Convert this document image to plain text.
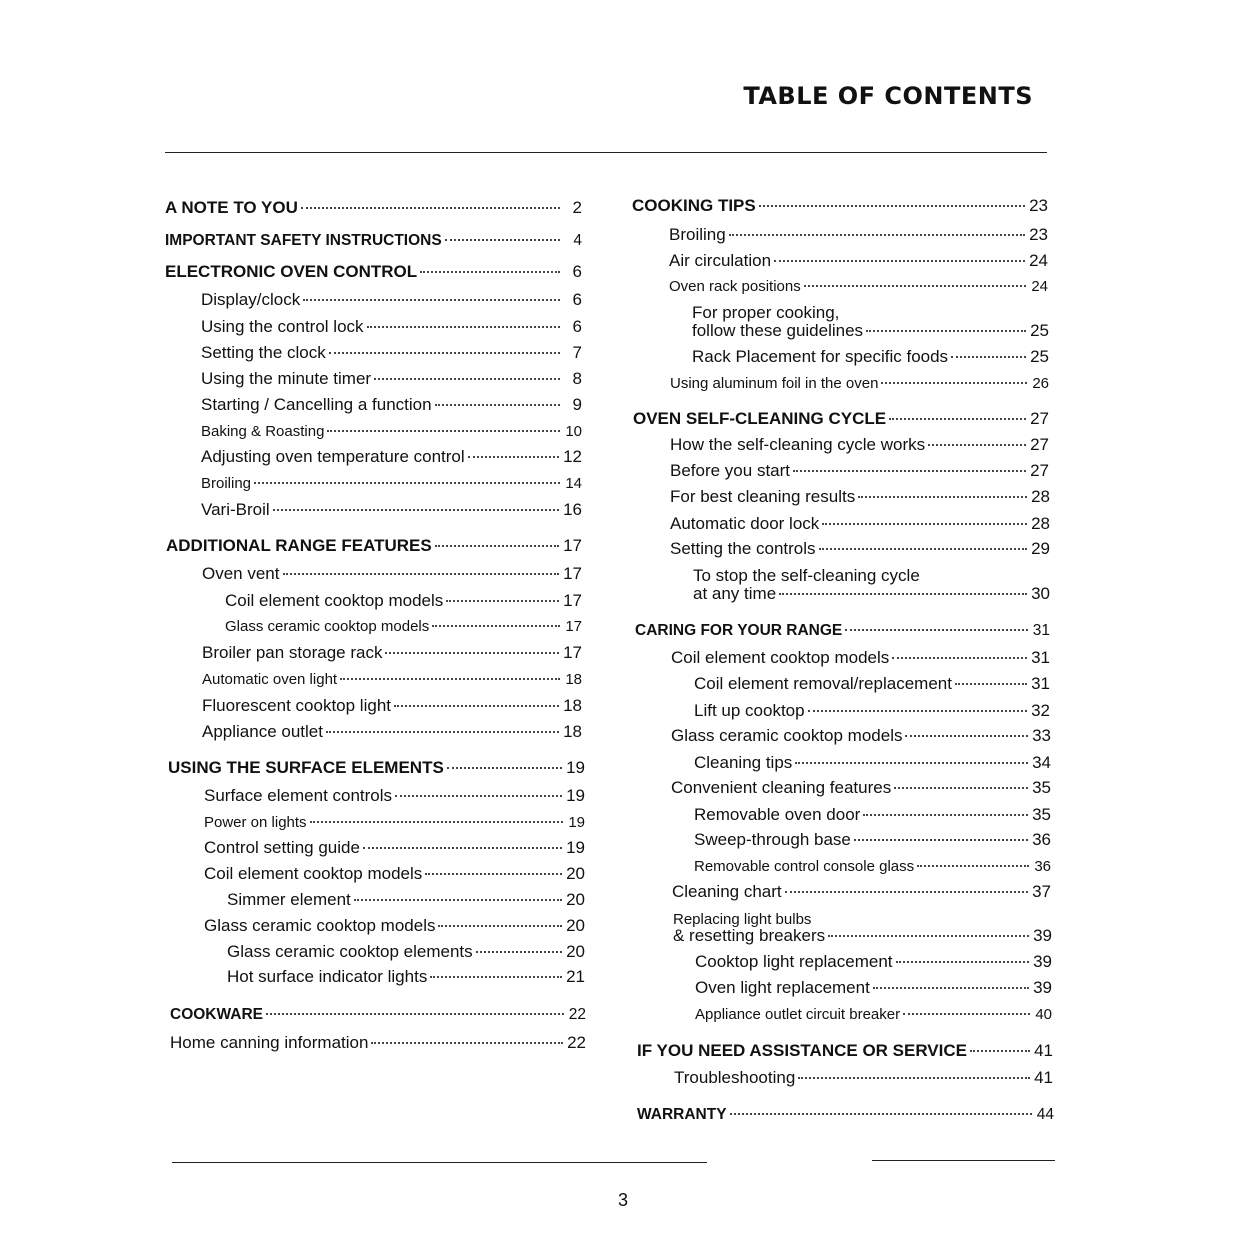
TABLE OF CONTENTS
A NOTE TO YOU	2
IMPORTANT SAFETY INSTRUCTIONS	4
ELECTRONIC OVEN CONTROL	6
Display/clock	6
Using the control lock	6
Setting the clock	7
Using the minute timer	8
Starting / Cancelling a function	9
Baking & Roasting	10
Adjusting oven temperature control	12
Broiling	14
Vari-Broil	16
ADDITIONAL RANGE FEATURES	17
Oven vent	17
Coil element cooktop models	17
Glass ceramic cooktop models	17
Broiler pan storage rack	17
Automatic oven light	18
Fluorescent cooktop light	18
Appliance outlet	18
USING THE SURFACE ELEMENTS	19
Surface element controls	19
Power on lights	19
Control setting guide	19
Coil element cooktop models	20
Simmer element	20
Glass ceramic cooktop models	20
Glass ceramic cooktop elements	20
Hot surface indicator lights	21
COOKWARE	22
Home canning information	22
COOKING TIPS	23
Broiling	23
Air circulation	24
Oven rack positions	24
For proper cooking,
follow these guidelines	25
Rack Placement for specific foods	25
Using aluminum foil in the oven	26
OVEN SELF-CLEANING CYCLE	27
How the self-cleaning cycle works	27
Before you start	27
For best cleaning results	28
Automatic door lock	28
Setting the controls	29
To stop the self-cleaning cycle
at any time	30
CARING FOR YOUR RANGE	31
Coil element cooktop models	31
Coil element removal/replacement	31
Lift up cooktop	32
Glass ceramic cooktop models	33
Cleaning tips	34
Convenient cleaning features	35
Removable oven door	35
Sweep-through base	36
Removable control console glass	36
Cleaning chart	37
Replacing light bulbs
& resetting breakers	39
Cooktop light replacement	39
Oven light replacement	39
Appliance outlet circuit breaker	40
IF YOU NEED ASSISTANCE OR SERVICE	41
Troubleshooting	41
WARRANTY	44
3
